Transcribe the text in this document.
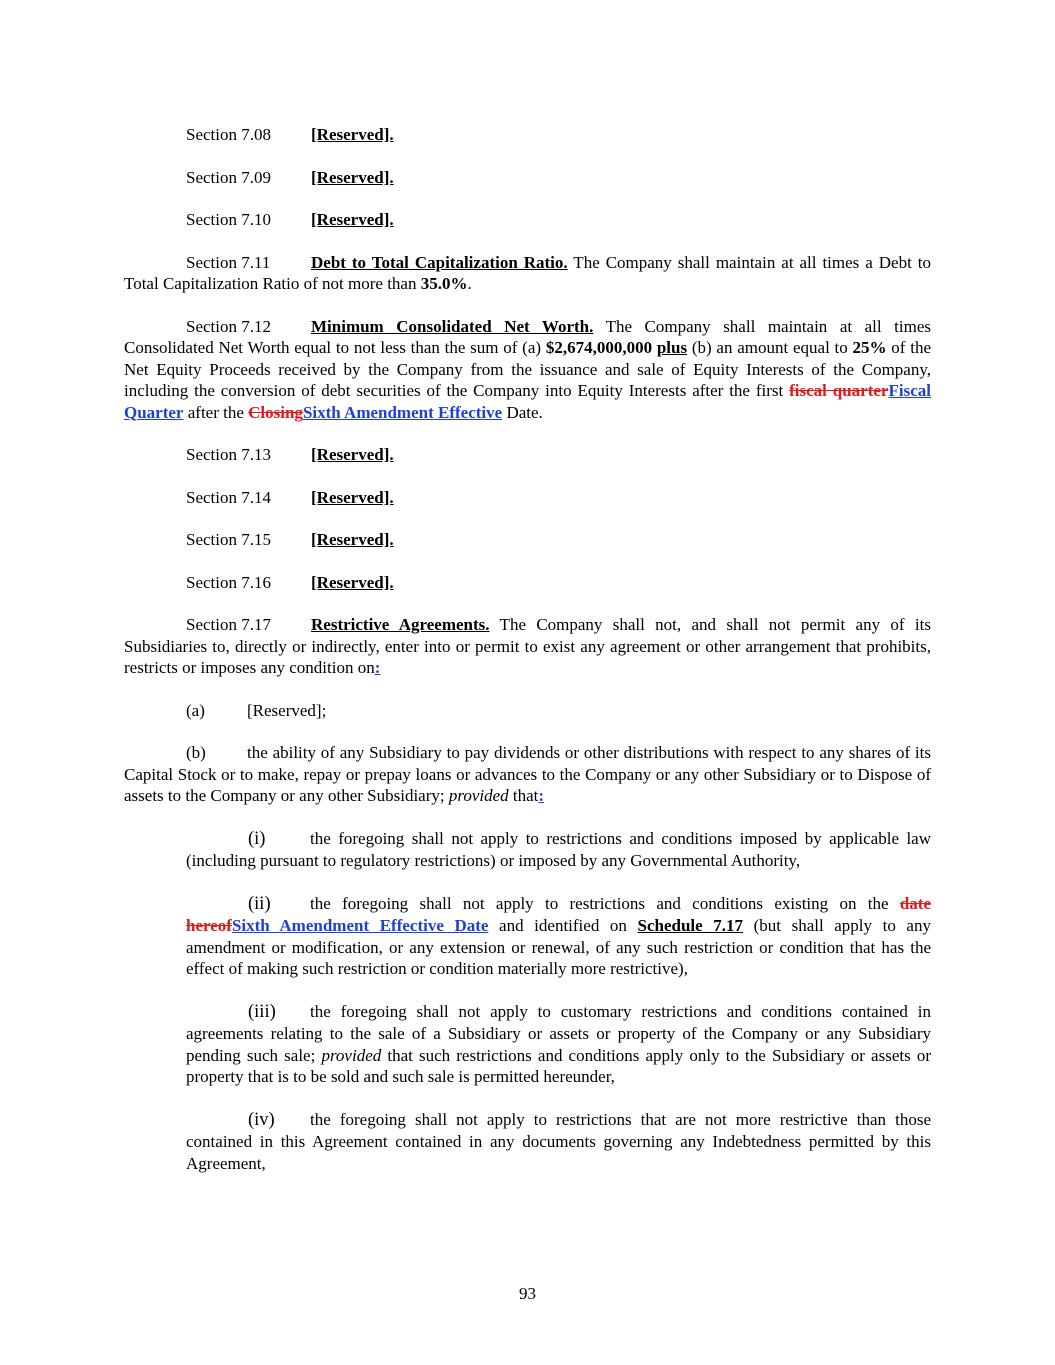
Section 7.08 [Reserved].

Section 7.09 [Reserved].

Section 7.10 [Reserved].

Section 7.11 Debt to Total Capitalization Ratio. The Company shall maintain at all times a Debt to Total Capitalization Ratio of not more than 35.0%.

Section 7.12 Minimum Consolidated Net Worth. The Company shall maintain at all times Consolidated Net Worth equal to not less than the sum of (a) $2,674,000,000 plus (b) an amount equal to 25% of the Net Equity Proceeds received by the Company from the issuance and sale of Equity Interests of the Company, including the conversion of debt securities of the Company into Equity Interests after the first fiscal quarterFiscal Quarter after the ClosingSixth Amendment Effective Date.

Section 7.13 [Reserved].

Section 7.14 [Reserved].

Section 7.15 [Reserved].

Section 7.16 [Reserved].

Section 7.17 Restrictive Agreements. The Company shall not, and shall not permit any of its Subsidiaries to, directly or indirectly, enter into or permit to exist any agreement or other arrangement that prohibits, restricts or imposes any condition on:

(a) [Reserved];

(b) the ability of any Subsidiary to pay dividends or other distributions with respect to any shares of its Capital Stock or to make, repay or prepay loans or advances to the Company or any other Subsidiary or to Dispose of assets to the Company or any other Subsidiary; provided that:

(i)	the foregoing shall not apply to restrictions and conditions imposed by applicable law (including pursuant to regulatory restrictions) or imposed by any Governmental Authority,

(ii) the foregoing shall not apply to restrictions and conditions existing on the date hereofSixth Amendment Effective Date and identified on Schedule 7.17 (but shall apply to any amendment or modification, or any extension or renewal, of any such restriction or condition that has the effect of making such restriction or condition materially more restrictive),

(iii) the foregoing shall not apply to customary restrictions and conditions contained in agreements relating to the sale of a Subsidiary or assets or property of the Company or any Subsidiary pending such sale; provided that such restrictions and conditions apply only to the Subsidiary or assets or property that is to be sold and such sale is permitted hereunder,

(iv) the foregoing shall not apply to restrictions that are not more restrictive than those contained in this Agreement contained in any documents governing any Indebtedness permitted by this Agreement,

93
